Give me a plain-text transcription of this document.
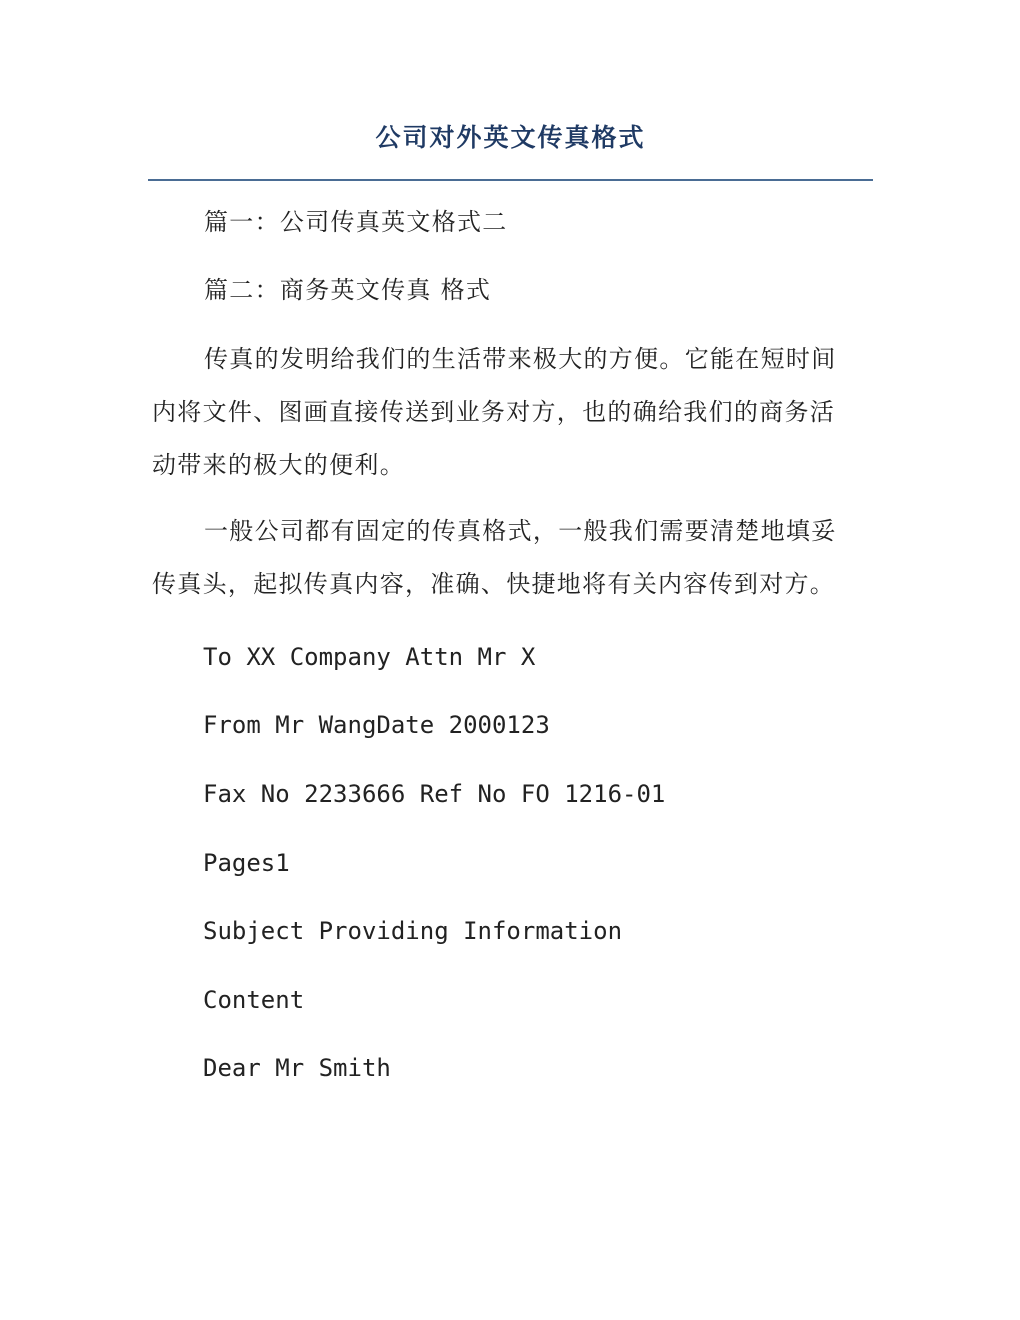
公司对外英文传真格式

篇一：公司传真英文格式二

篇二：商务英文传真 格式

传真的发明给我们的生活带来极大的方便。它能在短时间
内将文件、图画直接传送到业务对方，也的确给我们的商务活
动带来的极大的便利。

一般公司都有固定的传真格式，一般我们需要清楚地填妥
传真头，起拟传真内容，准确、快捷地将有关内容传到对方。

To XX Company Attn Mr X

From Mr WangDate 2000123

Fax No 2233666 Ref No FO 1216-01

Pages1

Subject Providing Information

Content

Dear Mr Smith
